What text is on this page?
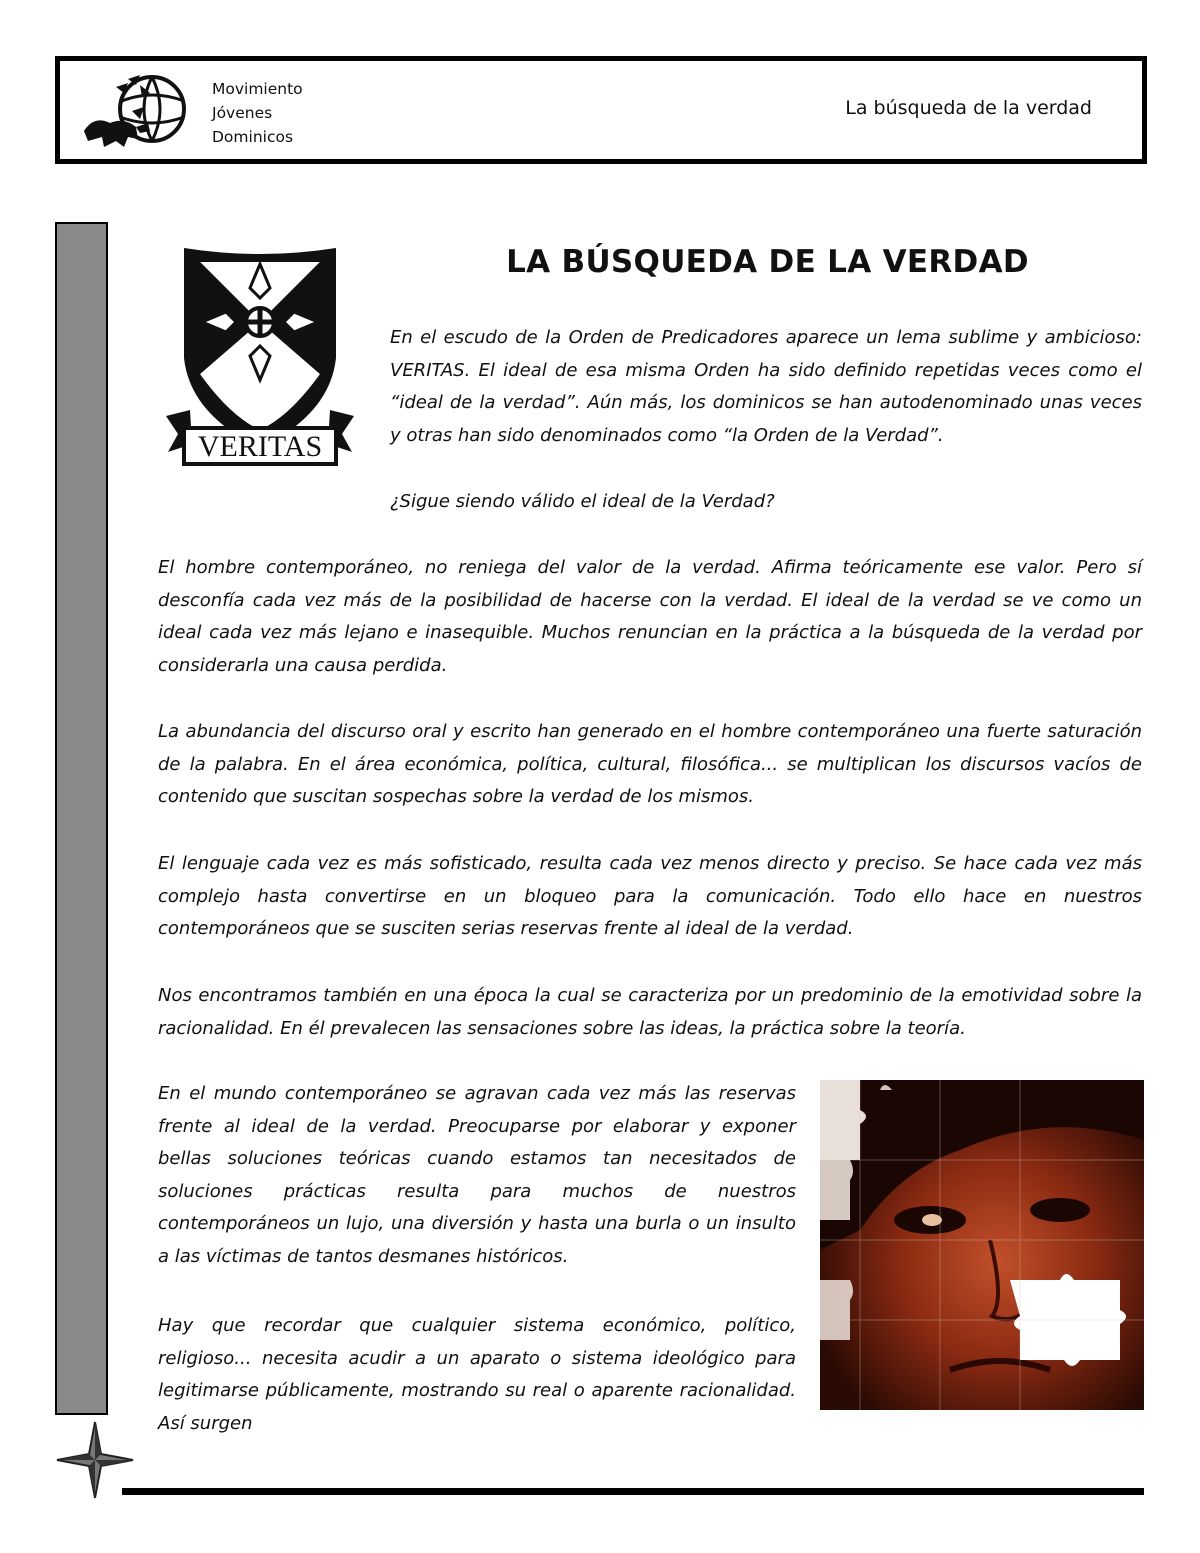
Movimiento
Jóvenes
Dominicos
La búsqueda de la verdad
VERITAS
LA BÚSQUEDA DE LA VERDAD

En el escudo de la Orden de Predicadores aparece un lema sublime y ambicioso: VERITAS. El ideal de esa misma Orden ha sido definido repetidas veces como el “ideal de la verdad”. Aún más, los dominicos se han autodenominado unas veces y otras han sido denominados como “la Orden de la Verdad”.

¿Sigue siendo válido el ideal de la Verdad?

El hombre contemporáneo, no reniega del valor de la verdad. Afirma teóricamente ese valor. Pero sí desconfía cada vez más de la posibilidad de hacerse con la verdad. El ideal de la verdad se ve como un ideal cada vez más lejano e inasequible. Muchos renuncian en la práctica a la búsqueda de la verdad por considerarla una causa perdida.

La abundancia del discurso oral y escrito han generado en el hombre contemporáneo una fuerte saturación de la palabra. En el área económica, política, cultural, filosófica... se multiplican los discursos vacíos de contenido que suscitan sospechas sobre la verdad de los mismos.

El lenguaje cada vez es más sofisticado, resulta cada vez menos directo y preciso. Se hace cada vez más complejo hasta convertirse en un bloqueo para la comunicación. Todo ello hace en nuestros contemporáneos que se susciten serias reservas frente al ideal de la verdad.

Nos encontramos también en una época la cual se caracteriza por un predominio de la emotividad sobre la racionalidad. En él prevalecen las sensaciones sobre las ideas, la práctica sobre la teoría.

En el mundo contemporáneo se agravan cada vez más las reservas frente al ideal de la verdad. Preocuparse por elaborar y exponer bellas soluciones teóricas cuando estamos tan necesitados de soluciones prácticas resulta para muchos de nuestros contemporáneos un lujo, una diversión y hasta una burla o un insulto a las víctimas de tantos desmanes históricos.

Hay que recordar que cualquier sistema económico, político, religioso... necesita acudir a un aparato o sistema ideológico para legitimarse públicamente, mostrando su real o aparente racionalidad. Así surgen
